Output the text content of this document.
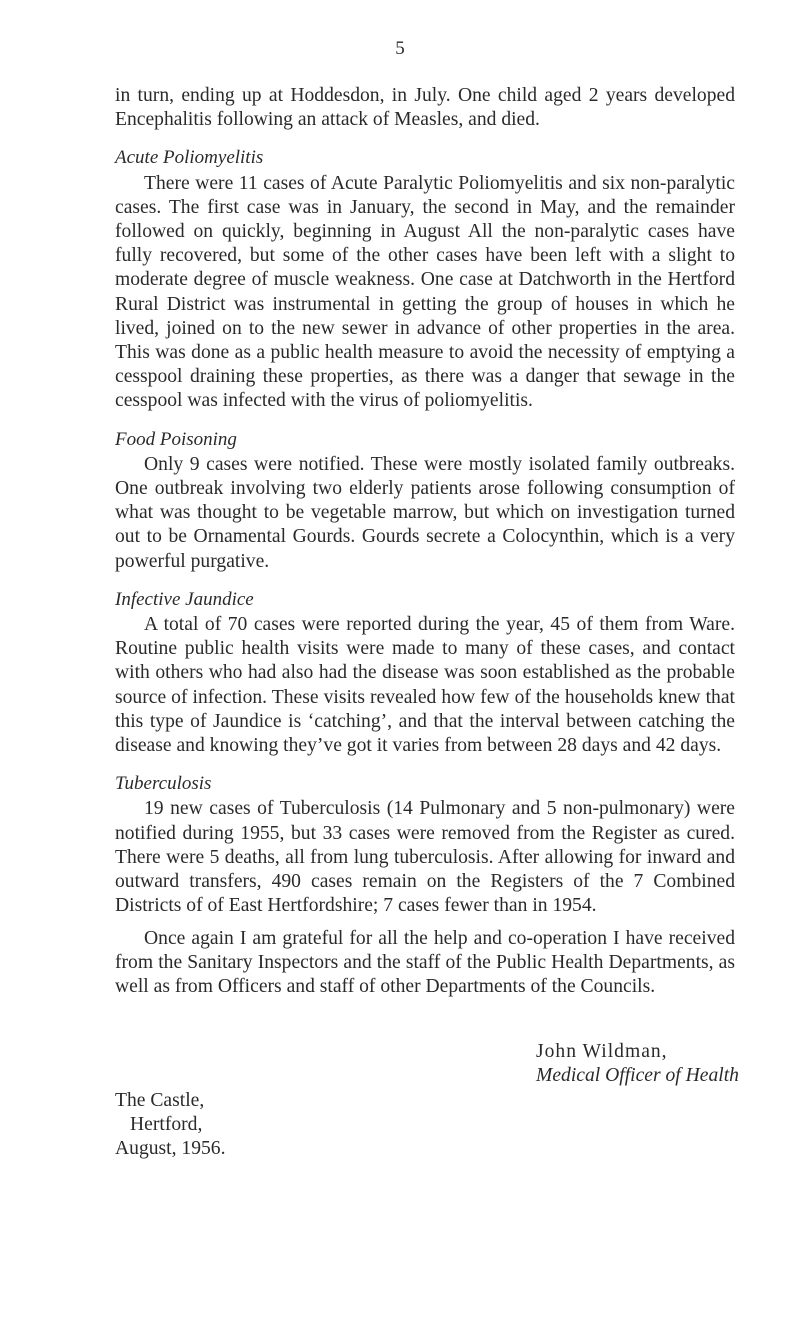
5

in turn, ending up at Hoddesdon, in July. One child aged 2 years developed Encephalitis following an attack of Measles, and died.

Acute Poliomyelitis

There were 11 cases of Acute Paralytic Poliomyelitis and six non-paralytic cases. The first case was in January, the second in May, and the remainder followed on quickly, beginning in August All the non-paralytic cases have fully recovered, but some of the other cases have been left with a slight to moderate degree of muscle weakness. One case at Datchworth in the Hertford Rural District was instrumental in getting the group of houses in which he lived, joined on to the new sewer in advance of other properties in the area. This was done as a public health measure to avoid the necessity of emptying a cesspool draining these properties, as there was a danger that sewage in the cesspool was infected with the virus of poliomyelitis.

Food Poisoning

Only 9 cases were notified. These were mostly isolated family outbreaks. One outbreak involving two elderly patients arose following consumption of what was thought to be vegetable marrow, but which on investigation turned out to be Ornamental Gourds. Gourds secrete a Colocynthin, which is a very powerful purgative.

Infective Jaundice

A total of 70 cases were reported during the year, 45 of them from Ware. Routine public health visits were made to many of these cases, and contact with others who had also had the disease was soon established as the probable source of infection. These visits revealed how few of the households knew that this type of Jaundice is ‘catching’, and that the interval between catching the disease and knowing they’ve got it varies from between 28 days and 42 days.

Tuberculosis

19 new cases of Tuberculosis (14 Pulmonary and 5 non-pulmonary) were notified during 1955, but 33 cases were removed from the Register as cured. There were 5 deaths, all from lung tuberculosis. After allowing for inward and outward transfers, 490 cases remain on the Registers of the 7 Combined Districts of of East Hertfordshire; 7 cases fewer than in 1954.

Once again I am grateful for all the help and co-operation I have received from the Sanitary Inspectors and the staff of the Public Health Departments, as well as from Officers and staff of other Departments of the Councils.

John Wildman,
Medical Officer of Health
The Castle,
Hertford,
August, 1956.
